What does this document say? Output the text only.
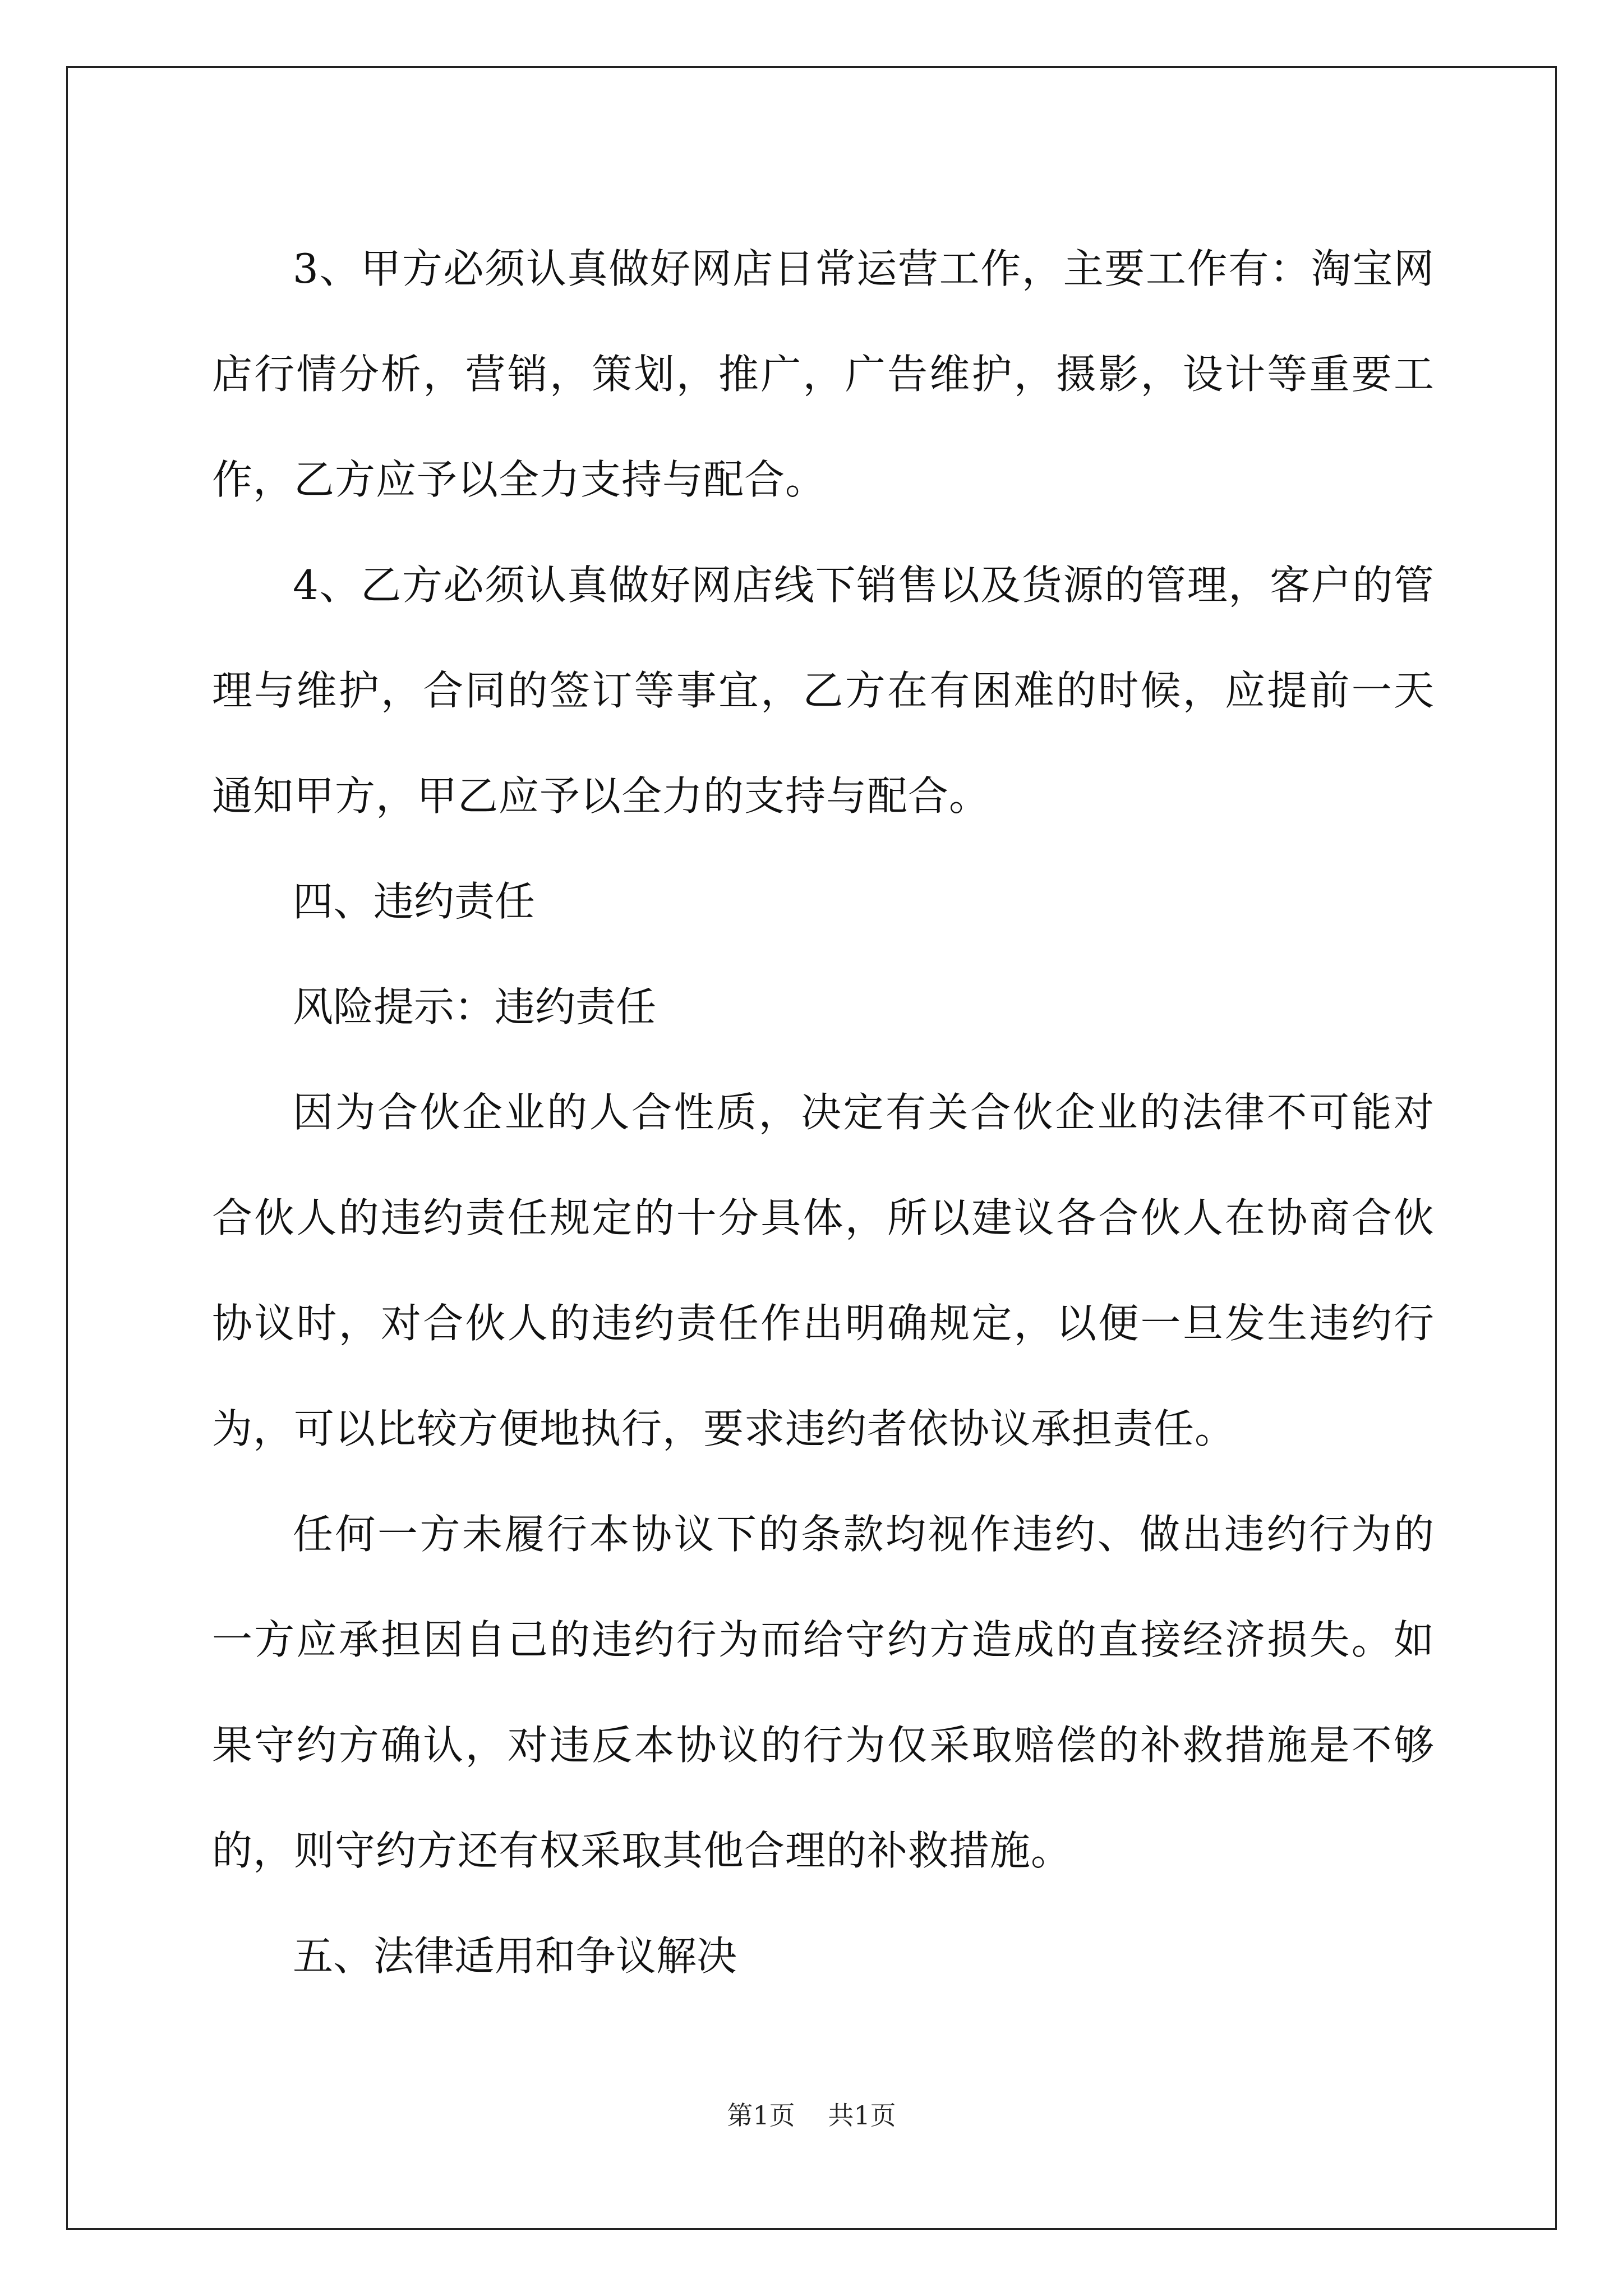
3、甲方必须认真做好网店日常运营工作，主要工作有：淘宝网店行情分析，营销，策划，推广，广告维护，摄影，设计等重要工作，乙方应予以全力支持与配合。

4、乙方必须认真做好网店线下销售以及货源的管理，客户的管理与维护，合同的签订等事宜，乙方在有困难的时候，应提前一天通知甲方，甲乙应予以全力的支持与配合。

四、违约责任

风险提示：违约责任

因为合伙企业的人合性质，决定有关合伙企业的法律不可能对合伙人的违约责任规定的十分具体，所以建议各合伙人在协商合伙协议时，对合伙人的违约责任作出明确规定，以便一旦发生违约行为，可以比较方便地执行，要求违约者依协议承担责任。

任何一方未履行本协议下的条款均视作违约、做出违约行为的一方应承担因自己的违约行为而给守约方造成的直接经济损失。如果守约方确认，对违反本协议的行为仅采取赔偿的补救措施是不够的，则守约方还有权采取其他合理的补救措施。

五、法律适用和争议解决

第1页 共1页
